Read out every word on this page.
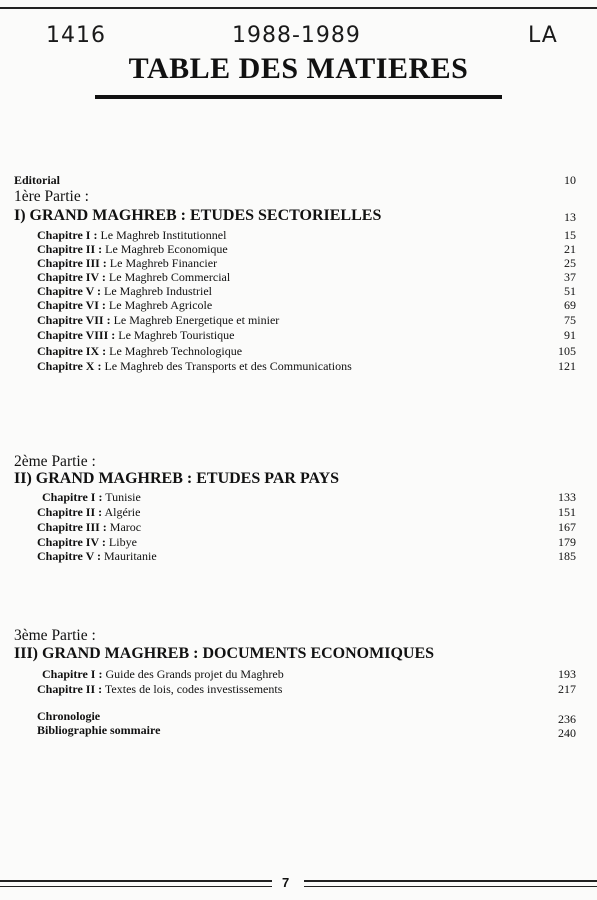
1416	1988-1989	LA
TABLE DES MATIERES
Editorial	10
1ère Partie :
I) GRAND MAGHREB : ETUDES SECTORIELLES	13
Chapitre I : Le Maghreb Institutionnel	15
Chapitre II : Le Maghreb Economique	21
Chapitre III : Le Maghreb Financier	25
Chapitre IV : Le Maghreb Commercial	37
Chapitre V : Le Maghreb Industriel	51
Chapitre VI : Le Maghreb Agricole	69
Chapitre VII : Le Maghreb Energetique et minier	75
Chapitre VIII : Le Maghreb Touristique	91
Chapitre IX : Le Maghreb Technologique	105
Chapitre X : Le Maghreb des Transports et des Communications	121
2ème Partie :
II) GRAND MAGHREB : ETUDES PAR PAYS
Chapitre I : Tunisie	133
Chapitre II : Algérie	151
Chapitre III : Maroc	167
Chapitre IV : Libye	179
Chapitre V : Mauritanie	185
3ème Partie :
III) GRAND MAGHREB : DOCUMENTS ECONOMIQUES
Chapitre I : Guide des Grands projet du Maghreb	193
Chapitre II : Textes de lois, codes investissements	217
Chronologie	236
Bibliographie sommaire	240
7
